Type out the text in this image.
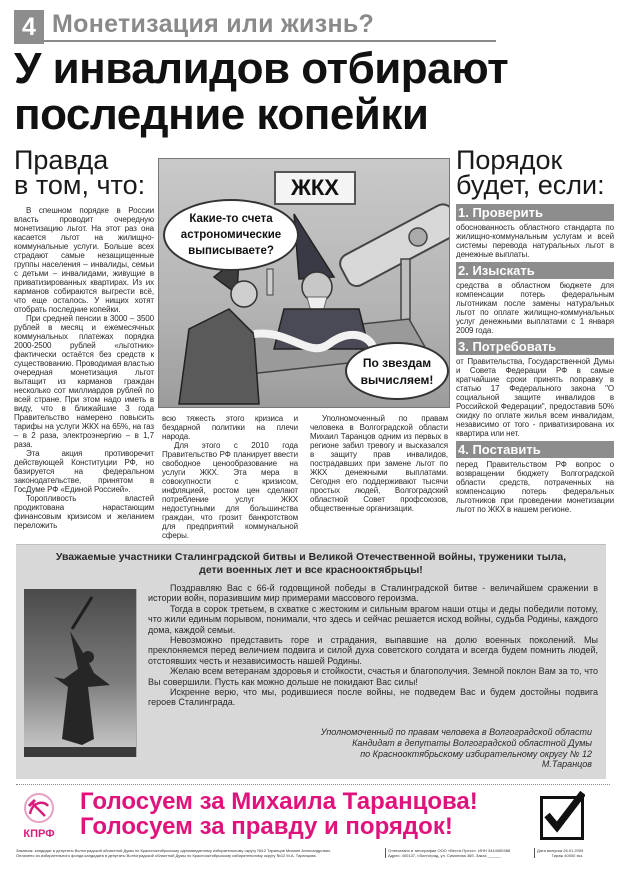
4 Монетизация или жизнь?
У инвалидов отбирают
последние копейки
Правда
в том, что:

В спешном порядке в России власть проводит очередную монетизацию льгот. На этот раз она касается льгот на жилищно-коммунальные услуги. Больше всех страдают самые незащищенные группы населения – инвалиды, семьи с детьми – инвалидами, живущие в приватизированных квартирах. Из их карманов собираются выгрести всё, что еще осталось. У нищих хотят отобрать последние копейки.

При средней пенсии в 3000 – 3500 рублей в месяц и ежемесячных коммунальных платежах порядка 2000-2500 рублей «льготник» фактически остаётся без средств к существованию. Проводимая властью очередная монетизация льгот вытащит из карманов граждан несколько сот миллиардов рублей по всей стране. При этом надо иметь в виду, что в ближайшие 3 года Правительство намерено повысить тарифы на услуги ЖКХ на 65%, на газ – в 2 раза, электроэнергию – в 1,7 раза.

Эта акция противоречит действующей Конституции РФ, но базируется на федеральном законодательстве, принятом в ГосДуме РФ «Единой Россией».

Торопливость властей продиктована нарастающим финансовым кризисом и желанием переложить

ЖКХ
Какие-то счета астрономические выписываете?
По звездам вычисляем!

всю тяжесть этого кризиса и бездарной политики на плечи народа.

Для этого с 2010 года Правительство РФ планирует ввести свободное ценообразование на услуги ЖКХ. Эта мера в совокупности с кризисом, инфляцией, ростом цен сделают потребление услуг ЖКХ недоступными для большинства граждан, что грозит банкротством для предприятий коммунальной сферы.

Уполномоченный по правам человека в Волгоградской области Михаил Таранцов одним из первых в регионе забил тревогу и высказался в защиту прав инвалидов, пострадавших при замене льгот по ЖКХ денежными выплатами. Сегодня его поддерживают тысячи простых людей, Волгоградский областной Совет профсоюзов, общественные организации.

Порядок
будет, если:
1. Проверить
обоснованность областного стандарта по жилищно-коммунальным услугам и всей системы перевода натуральных льгот в денежные выплаты.
2. Изыскать
средства в областном бюджете для компенсации потерь федеральным льготникам после замены натуральных льгот по оплате жилищно-коммунальных услуг денежными выплатами с 1 января 2009 года.
3. Потребовать
от Правительства, Государственной Думы и Совета Федерации РФ в самые кратчайшие сроки принять поправку в статью 17 Федерального закона "О социальной защите инвалидов в Российской Федерации", предоставив 50% скидку по оплате жилья всем инвалидам, независимо от того - приватизирована их квартира или нет.
4. Поставить
перед Правительством РФ вопрос о возвращении бюджету Волгоградской области средств, потраченных на компенсацию потерь федеральных льготников при проведении монетизации льгот по ЖКХ в нашем регионе.
Уважаемые участники Сталинградской битвы и Великой Отечественной войны, труженики тыла,
дети военных лет и все краснооктябрьцы!

Поздравляю Вас с 66-й годовщиной победы в Сталинградской битве - величайшем сражении в истории войн, поразившим мир примерами массового героизма.

Тогда в сорок третьем, в схватке с жестоким и сильным врагом наши отцы и деды победили потому, что жили единым порывом, понимали, что здесь и сейчас решается исход войны, судьба Родины, каждого дома, каждой семьи.

Невозможно представить горе и страдания, выпавшие на долю военных поколений. Мы преклоняемся перед величием подвига и силой духа советского солдата и всегда будем помнить людей, отстоявших честь и независимость нашей Родины.

Желаю всем ветеранам здоровья и стойкости, счастья и благополучия. Земной поклон Вам за то, что Вы совершили. Пусть как можно дольше не покидают Вас силы!

Искренне верю, что мы, родившиеся после войны, не подведем Вас и будем достойны подвига героев Сталинграда.

Уполномоченный по правам человека в Волгоградской области
Кандидат в депутаты Волгоградской областной Думы
по Краснооктябрьскому избирательному округу № 12
М.Таранцов
КПРФ
Голосуем за Михаила Таранцова!
Голосуем за правду и порядок!
Заказчик: кандидат в депутаты Волгоградской областной Думы по Краснооктябрьскому одномандатному избирательному округу №12 Таранцов Михаил Александрович.
Оплачено из избирательного фонда кандидата в депутаты Волгоградской областной Думы по Краснооктябрьскому избирательному округу №12 М.А. Таранцова.
Отпечатано в типографии ООО «Вести-Пресс». ИНН 3444080388
Адрес: 400137, г.Волгоград, ул. Симонова 36б. Заказ ______
Дата выпуска 26.01.2009
Тираж 40000 экз.
